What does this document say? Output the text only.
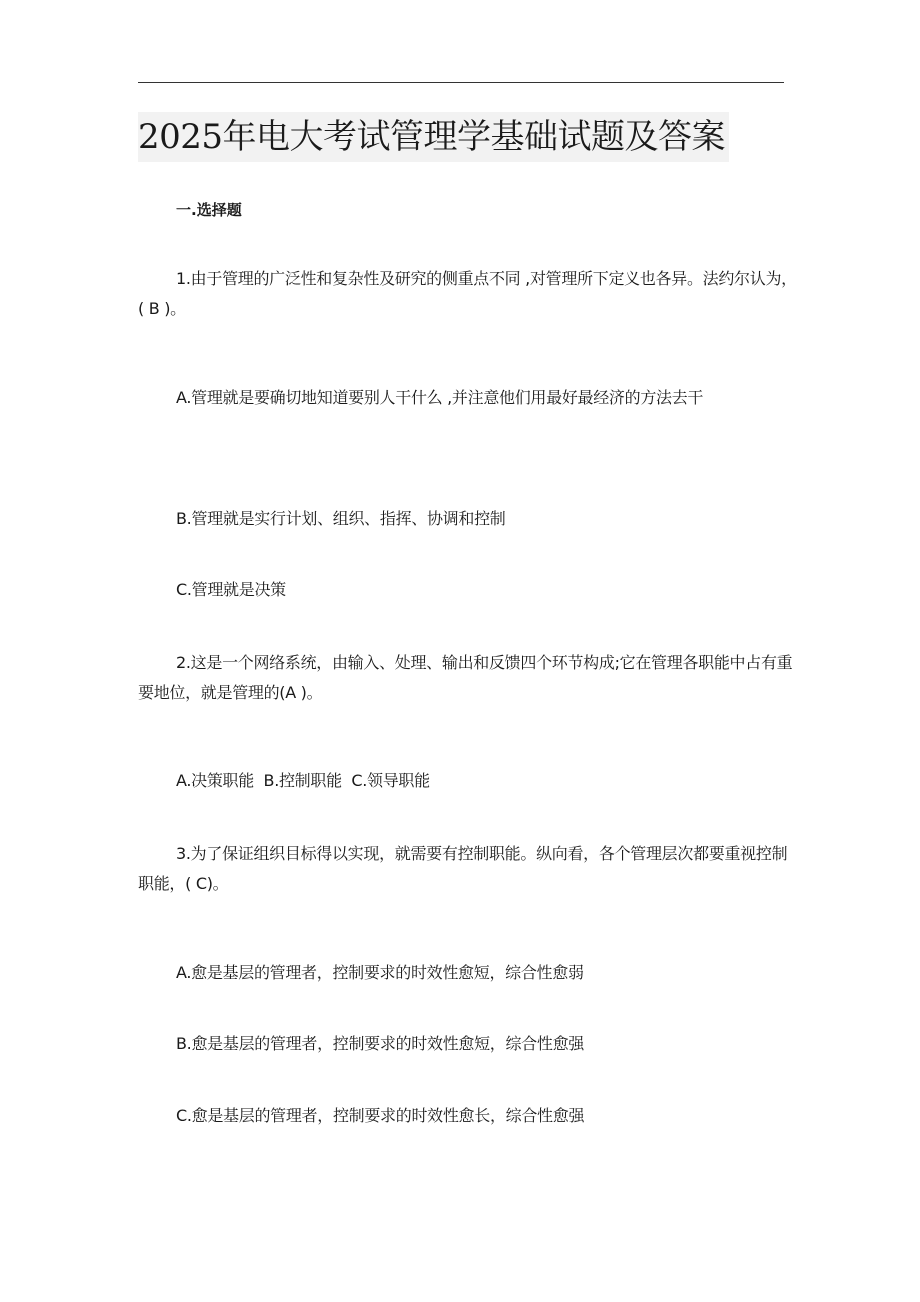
2025年电大考试管理学基础试题及答案
一.选择题

1.由于管理的广泛性和复杂性及研究的侧重点不同 ,对管理所下定义也各异。法约尔认为，( B )。

A.管理就是要确切地知道要别人干什么 ,并注意他们用最好最经济的方法去干

B.管理就是实行计划、组织、指挥、协调和控制

C.管理就是决策

2.这是一个网络系统，由输入、处理、输出和反馈四个环节构成;它在管理各职能中占有重要地位，就是管理的(A )。

A.决策职能  B.控制职能  C.领导职能

3.为了保证组织目标得以实现，就需要有控制职能。纵向看，各个管理层次都要重视控制职能，( C)。

A.愈是基层的管理者，控制要求的时效性愈短，综合性愈弱

B.愈是基层的管理者，控制要求的时效性愈短，综合性愈强

C.愈是基层的管理者，控制要求的时效性愈长，综合性愈强
